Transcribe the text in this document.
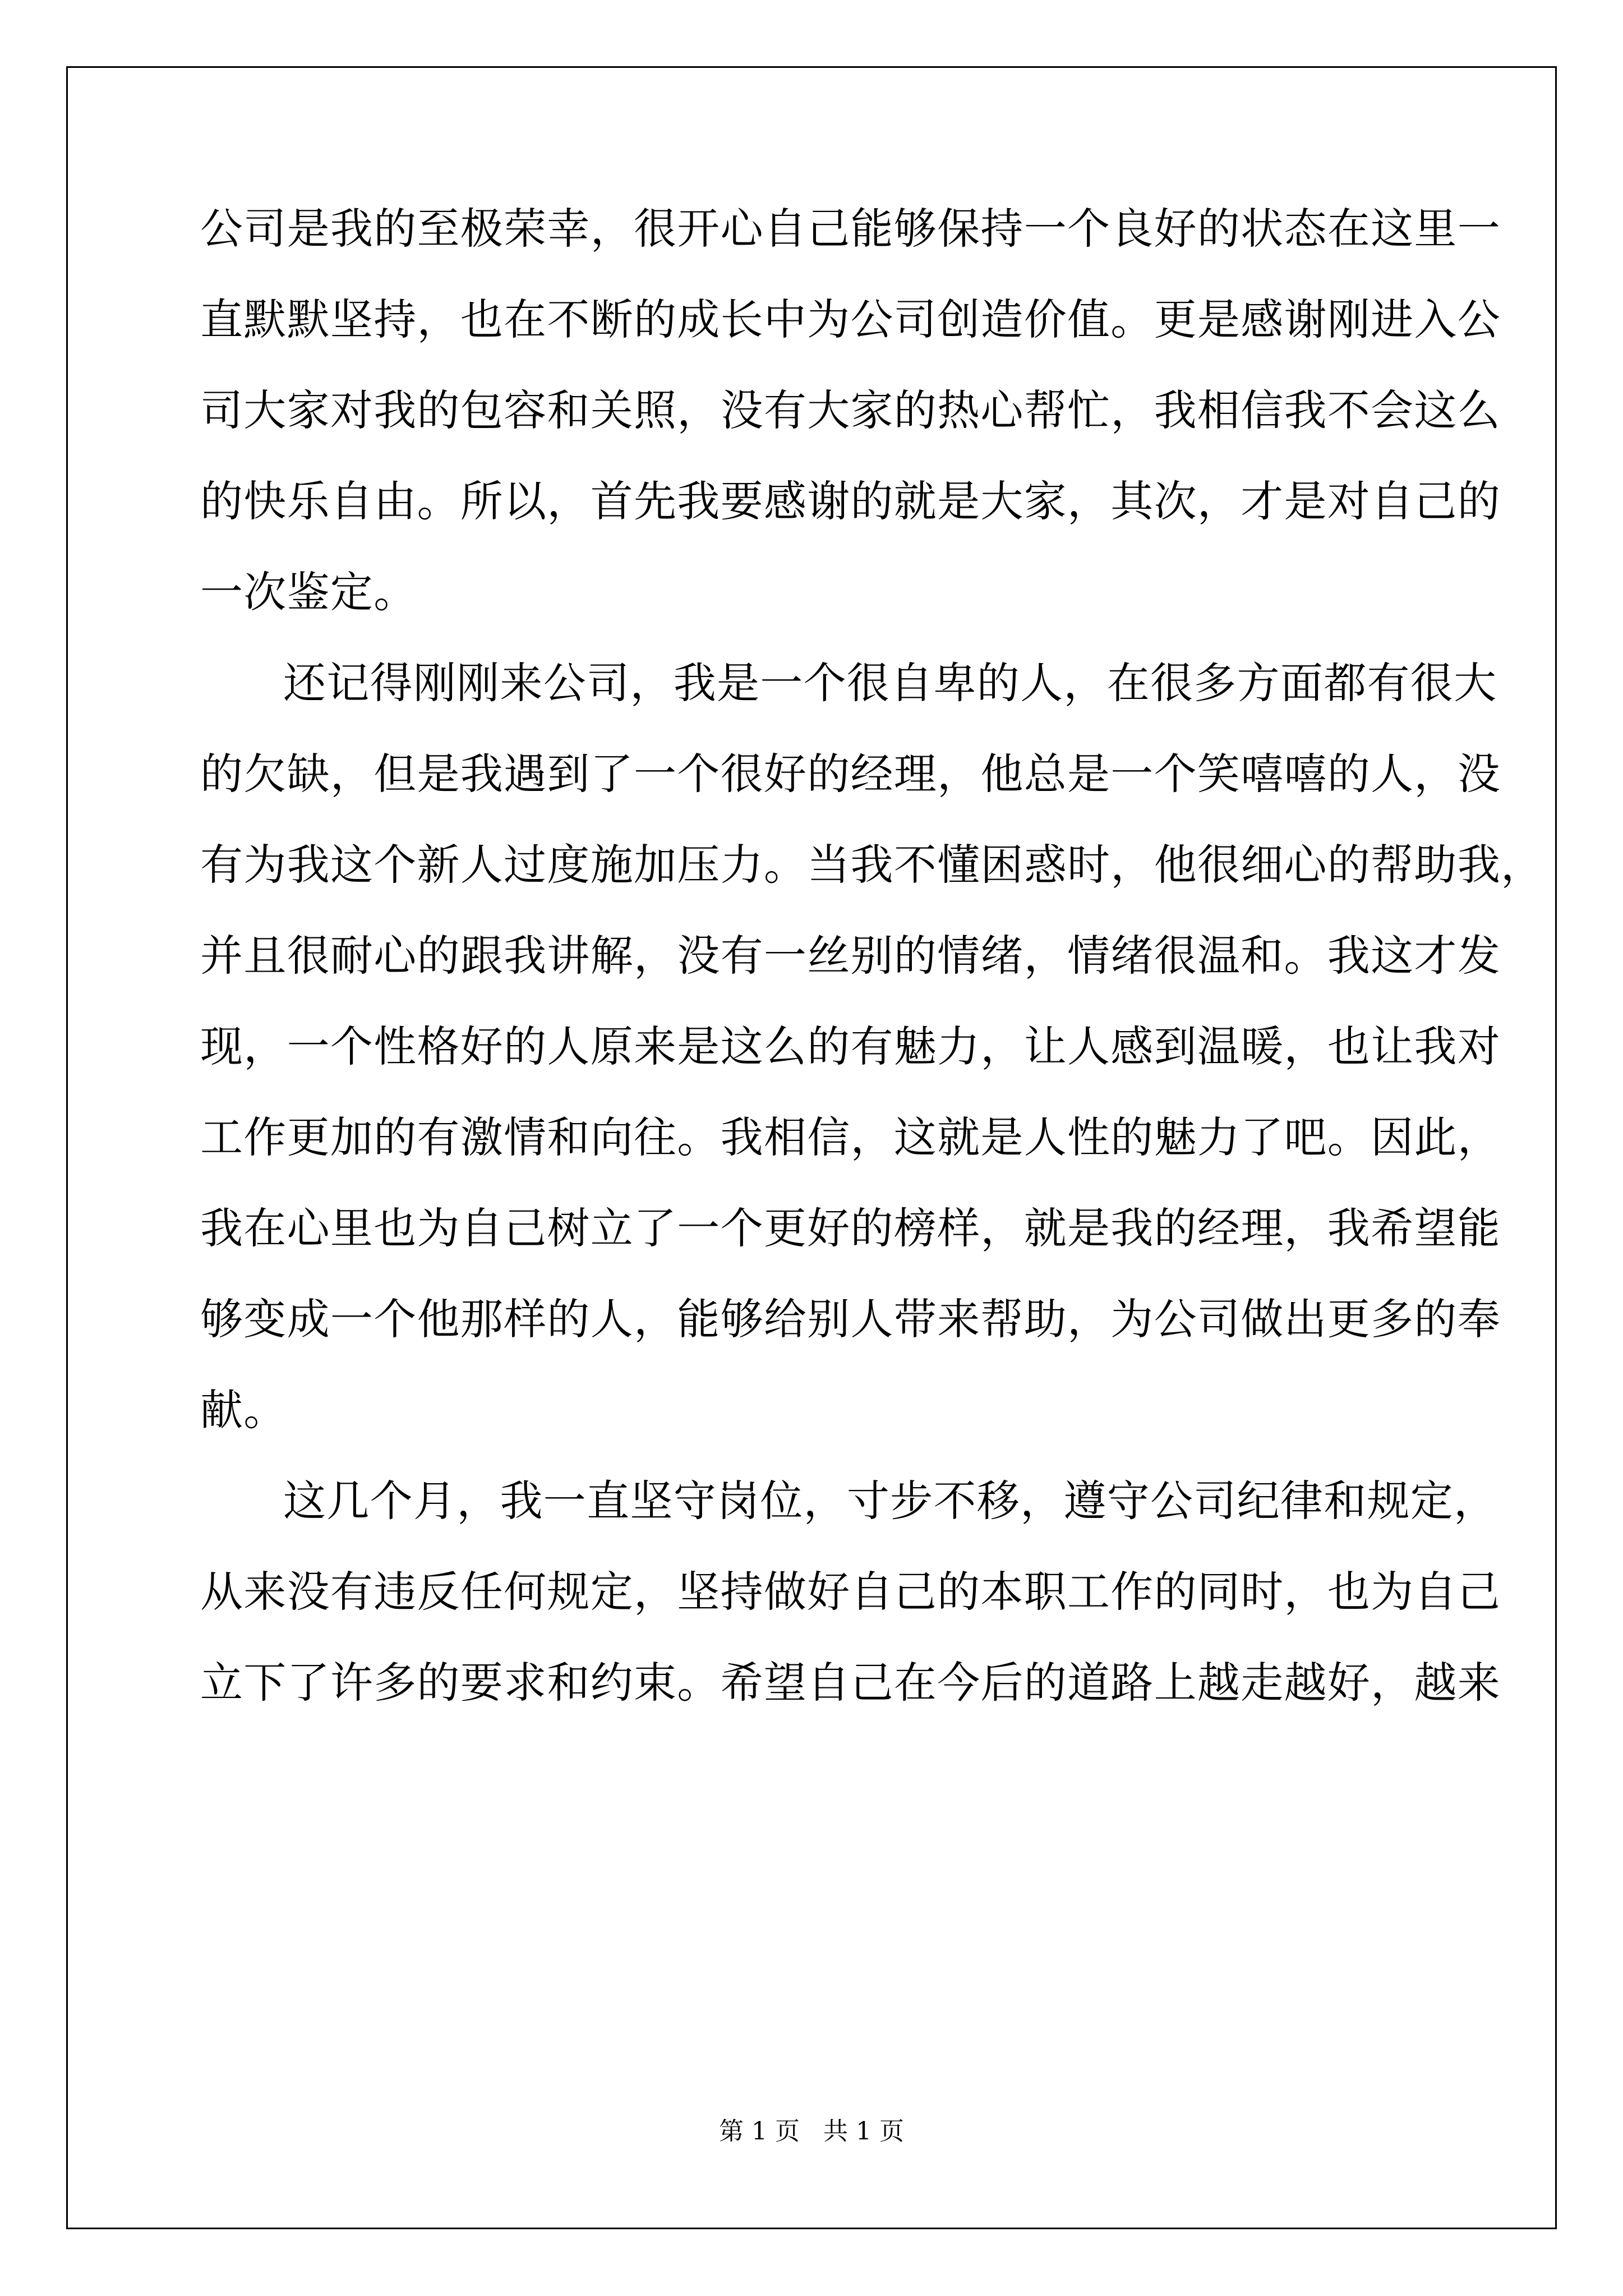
公司是我的至极荣幸，很开心自己能够保持一个良好的状态在这里一

直默默坚持，也在不断的成长中为公司创造价值。更是感谢刚进入公

司大家对我的包容和关照，没有大家的热心帮忙，我相信我不会这么

的快乐自由。所以，首先我要感谢的就是大家，其次，才是对自己的

一次鉴定。

还记得刚刚来公司，我是一个很自卑的人，在很多方面都有很大

的欠缺，但是我遇到了一个很好的经理，他总是一个笑嘻嘻的人，没

有为我这个新人过度施加压力。当我不懂困惑时，他很细心的帮助我，

并且很耐心的跟我讲解，没有一丝别的情绪，情绪很温和。我这才发

现，一个性格好的人原来是这么的有魅力，让人感到温暖，也让我对

工作更加的有激情和向往。我相信，这就是人性的魅力了吧。因此，

我在心里也为自己树立了一个更好的榜样，就是我的经理，我希望能

够变成一个他那样的人，能够给别人带来帮助，为公司做出更多的奉

献。

这几个月，我一直坚守岗位，寸步不移，遵守公司纪律和规定，

从来没有违反任何规定，坚持做好自己的本职工作的同时，也为自己

立下了许多的要求和约束。希望自己在今后的道路上越走越好，越来

第 1 页   共 1 页
